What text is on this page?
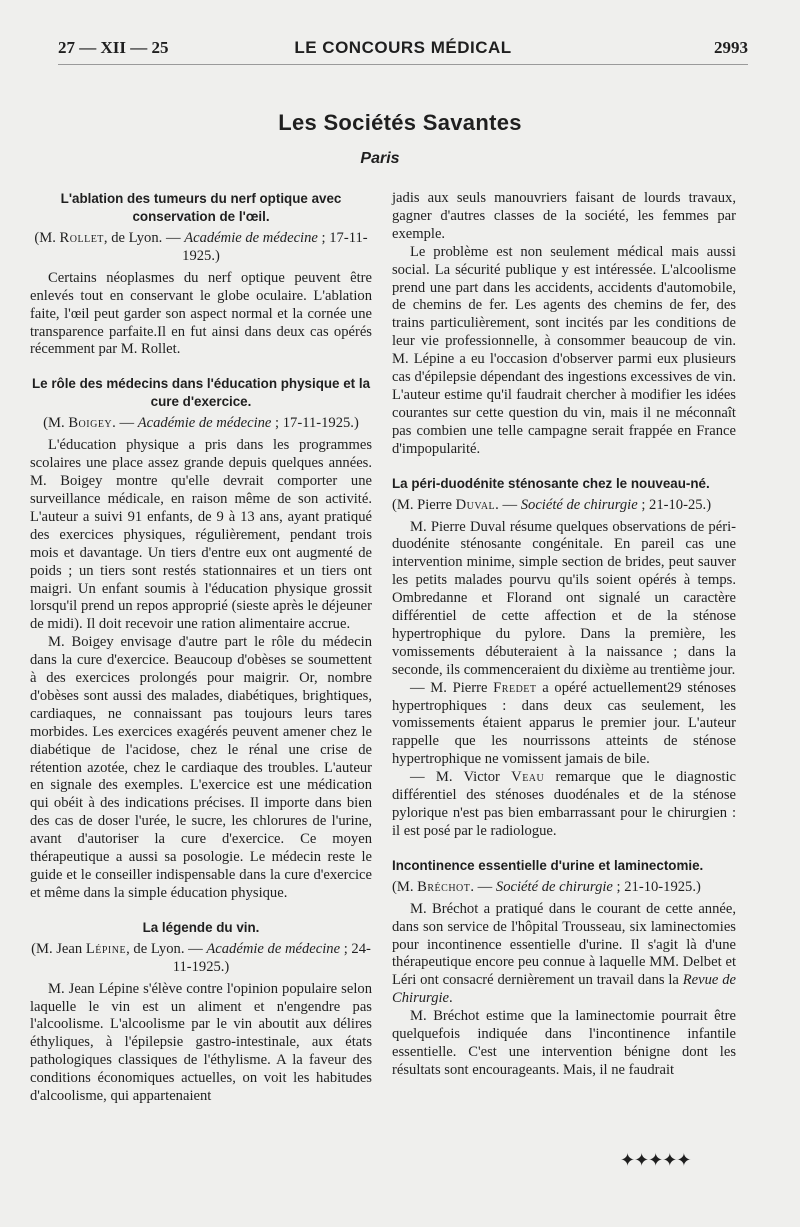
27 — XII — 25	LE CONCOURS MÉDICAL	2993
Les Sociétés Savantes
Paris
L'ablation des tumeurs du nerf optique avec conservation de l'œil.
(M. Rollet, de Lyon. — Académie de médecine ; 17-11-1925.)

Certains néoplasmes du nerf optique peuvent être enlevés tout en conservant le globe oculaire. L'ablation faite, l'œil peut garder son aspect normal et la cornée une transparence parfaite.Il en fut ainsi dans deux cas opérés récemment par M. Rollet.

Le rôle des médecins dans l'éducation physique et la cure d'exercice.
(M. Boigey. — Académie de médecine ; 17-11-1925.)

L'éducation physique a pris dans les programmes scolaires une place assez grande depuis quelques années. M. Boigey montre qu'elle devrait comporter une surveillance médicale, en raison même de son activité. L'auteur a suivi 91 enfants, de 9 à 13 ans, ayant pratiqué des exercices physiques, régulièrement, pendant trois mois et davantage. Un tiers d'entre eux ont augmenté de poids ; un tiers sont restés stationnaires et un tiers ont maigri. Un enfant soumis à l'éducation physique grossit lorsqu'il prend un repos approprié (sieste après le déjeuner de midi). Il doit recevoir une ration alimentaire accrue.

M. Boigey envisage d'autre part le rôle du médecin dans la cure d'exercice. Beaucoup d'obèses se soumettent à des exercices prolongés pour maigrir. Or, nombre d'obèses sont aussi des malades, diabétiques, brightiques, cardiaques, ne connaissant pas toujours leurs tares morbides. Les exercices exagérés peuvent amener chez le diabétique de l'acidose, chez le rénal une crise de rétention azotée, chez le cardiaque des troubles. L'auteur en signale des exemples. L'exercice est une médication qui obéit à des indications précises. Il importe dans bien des cas de doser l'urée, le sucre, les chlorures de l'urine, avant d'autoriser la cure d'exercice. Ce moyen thérapeutique a aussi sa posologie. Le médecin reste le guide et le conseiller indispensable dans la cure d'exercice et même dans la simple éducation physique.

La légende du vin.
(M. Jean Lépine, de Lyon. — Académie de médecine ; 24-11-1925.)

M. Jean Lépine s'élève contre l'opinion populaire selon laquelle le vin est un aliment et n'engendre pas l'alcoolisme. L'alcoolisme par le vin aboutit aux délires éthyliques, à l'épilepsie gastro-intestinale, aux états pathologiques classiques de l'éthylisme. A la faveur des conditions économiques actuelles, on voit les habitudes d'alcoolisme, qui appartenaient

jadis aux seuls manouvriers faisant de lourds travaux, gagner d'autres classes de la société, les femmes par exemple.

Le problème est non seulement médical mais aussi social. La sécurité publique y est intéressée. L'alcoolisme prend une part dans les accidents, accidents d'automobile, de chemins de fer. Les agents des chemins de fer, des trains particulièrement, sont incités par les conditions de leur vie professionnelle, à consommer beaucoup de vin. M. Lépine a eu l'occasion d'observer parmi eux plusieurs cas d'épilepsie dépendant des ingestions excessives de vin. L'auteur estime qu'il faudrait chercher à modifier les idées courantes sur cette question du vin, mais il ne méconnaît pas combien une telle campagne serait frappée en France d'impopularité.

La péri-duodénite sténosante chez le nouveau-né.
(M. Pierre Duval. — Société de chirurgie ; 21-10-25.)

M. Pierre Duval résume quelques observations de péri-duodénite sténosante congénitale. En pareil cas une intervention minime, simple section de brides, peut sauver les petits malades pourvu qu'ils soient opérés à temps. Ombredanne et Florand ont signalé un caractère différentiel de cette affection et de la sténose hypertrophique du pylore. Dans la première, les vomissements débuteraient à la naissance ; dans la seconde, ils commenceraient du dixième au trentième jour.

— M. Pierre Fredet a opéré actuellement29 sténoses hypertrophiques : dans deux cas seulement, les vomissements étaient apparus le premier jour. L'auteur rappelle que les nourrissons atteints de sténose hypertrophique ne vomissent jamais de bile.

— M. Victor Veau remarque que le diagnostic différentiel des sténoses duodénales et de la sténose pylorique n'est pas bien embarrassant pour le chirurgien : il est posé par le radiologue.

Incontinence essentielle d'urine et laminectomie.
(M. Bréchot. — Société de chirurgie ; 21-10-1925.)

M. Bréchot a pratiqué dans le courant de cette année, dans son service de l'hôpital Trousseau, six laminectomies pour incontinence essentielle d'urine. Il s'agit là d'une thérapeutique encore peu connue à laquelle MM. Delbet et Léri ont consacré dernièrement un travail dans la Revue de Chirurgie.

M. Bréchot estime que la laminectomie pourrait être quelquefois indiquée dans l'incontinence infantile essentielle. C'est une intervention bénigne dont les résultats sont encourageants. Mais, il ne faudrait

✦✦✦✦✦
